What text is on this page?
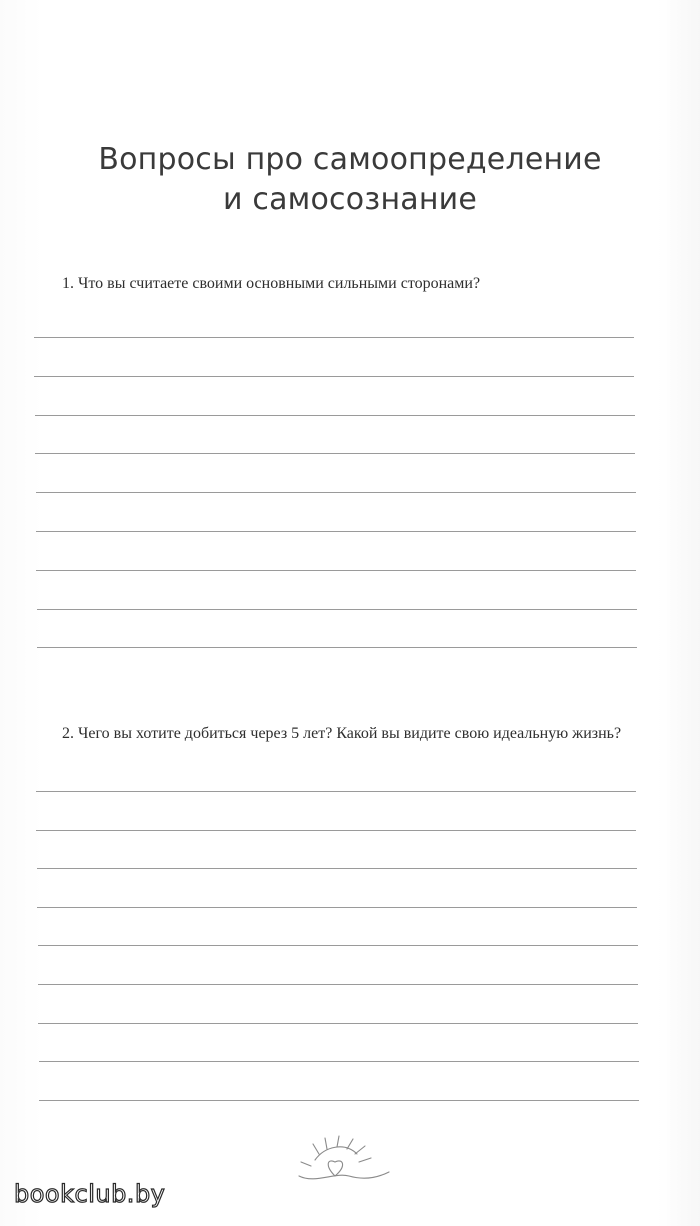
Вопросы про самоопределение
и самосознание
1. Что вы считаете своими основными сильными сторонами?
2. Чего вы хотите добиться через 5 лет? Какой вы видите свою идеальную жизнь?
bookclub.by
